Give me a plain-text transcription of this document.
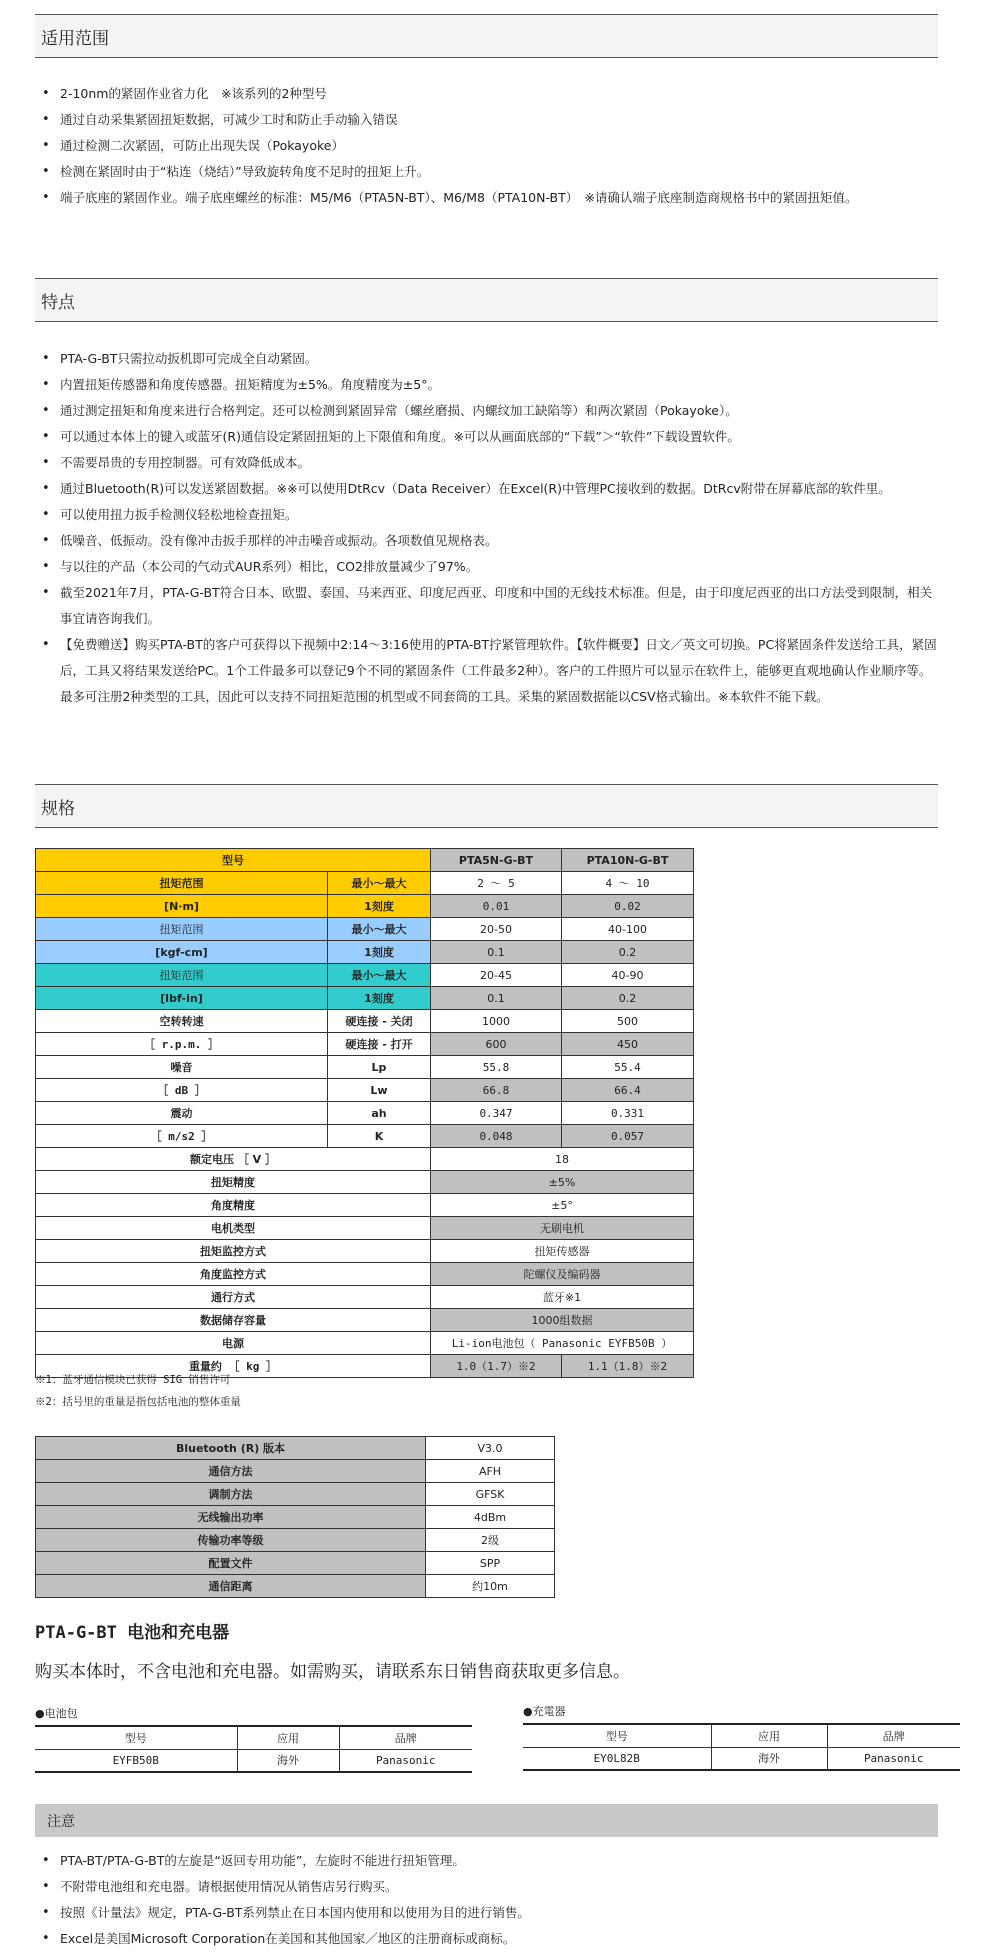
适用范围
• 2-10nm的紧固作业省力化　※该系列的2种型号
• 通过自动采集紧固扭矩数据，可减少工时和防止手动输入错误
• 通过检测二次紧固，可防止出现失误（Pokayoke）
• 检测在紧固时由于“粘连（烧结）”导致旋转角度不足时的扭矩上升。
• 端子底座的紧固作业。端子底座螺丝的标准：M5/M6（PTA5N-BT）、M6/M8（PTA10N-BT）　※请确认端子底座制造商规格书中的紧固扭矩值。
特点
• PTA-G-BT只需拉动扳机即可完成全自动紧固。
• 内置扭矩传感器和角度传感器。扭矩精度为±5%。角度精度为±5°。
• 通过测定扭矩和角度来进行合格判定。还可以检测到紧固异常（螺丝磨损、内螺纹加工缺陷等）和两次紧固（Pokayoke）。
• 可以通过本体上的键入或蓝牙(R)通信设定紧固扭矩的上下限值和角度。※可以从画面底部的“下载”＞“软件”下载设置软件。
• 不需要昂贵的专用控制器。可有效降低成本。
• 通过Bluetooth(R)可以发送紧固数据。※※可以使用DtRcv（Data Receiver）在Excel(R)中管理PC接收到的数据。DtRcv附带在屏幕底部的软件里。
• 可以使用扭力扳手检测仪轻松地检查扭矩。
• 低噪音、低振动。没有像冲击扳手那样的冲击噪音或振动。各项数值见规格表。
• 与以往的产品（本公司的气动式AUR系列）相比，CO2排放量减少了97%。
• 截至2021年7月，PTA-G-BT符合日本、欧盟、泰国、马来西亚、印度尼西亚、印度和中国的无线技术标准。但是，由于印度尼西亚的出口方法受到限制，相关事宜请咨询我们。
• 【免费赠送】购买PTA-BT的客户可获得以下视频中2:14～3:16使用的PTA-BT拧紧管理软件。【软件概要】日文／英文可切换。PC将紧固条件发送给工具，紧固后，工具又将结果发送给PC。1个工件最多可以登记9个不同的紧固条件（工件最多2种）。客户的工件照片可以显示在软件上，能够更直观地确认作业顺序等。最多可注册2种类型的工具，因此可以支持不同扭矩范围的机型或不同套筒的工具。采集的紧固数据能以CSV格式输出。※本软件不能下载。
规格
型号		PTA5N-G-BT	PTA10N-G-BT
扭矩范围	最小～最大	2 ～ 5	4 ～ 10
[N·m]	1刻度	0.01	0.02
扭矩范围	最小～最大	20-50	40-100
[kgf-cm]	1刻度	0.1	0.2
扭矩范围	最小～最大	20-45	40-90
[lbf-in]	1刻度	0.1	0.2
空转转速	硬连接 - 关闭	1000	500
［ r.p.m. ］	硬连接 - 打开	600	450
噪音	Lp	55.8	55.4
［ dB ］	Lw	66.8	66.4
震动	ah	0.347	0.331
［ m/s2 ］	K	0.048	0.057
额定电压 ［ V ］		18	
扭矩精度		±5%	
角度精度		±5°	
电机类型		无刷电机	
扭矩监控方式		扭矩传感器	
角度监控方式		陀螺仪及编码器	
通行方式		蓝牙※1	
数据储存容量		1000组数据	
电源		Li-ion电池包（ Panasonic EYFB50B ）	
重量约 ［ kg ］		1.0（1.7）※2	1.1（1.8）※2
※1：蓝牙通信模块已获得 SIG 销售许可
※2：括号里的重量是指包括电池的整体重量
Bluetooth (R) 版本	V3.0
通信方法	AFH
调制方法	GFSK
无线输出功率	4dBm
传输功率等级	2级
配置文件	SPP
通信距离	约10m
PTA-G-BT 电池和充电器
购买本体时，不含电池和充电器。如需购买，请联系东日销售商获取更多信息。
●电池包
型号	应用	品牌
EYFB50B	海外	Panasonic
●充電器
型号	应用	品牌
EY0L82B	海外	Panasonic
注意
• PTA-BT/PTA-G-BT的左旋是“返回专用功能”，左旋时不能进行扭矩管理。
• 不附带电池组和充电器。请根据使用情况从销售店另行购买。
• 按照《计量法》规定，PTA-G-BT系列禁止在日本国内使用和以使用为目的进行销售。
• Excel是美国Microsoft Corporation在美国和其他国家／地区的注册商标或商标。
